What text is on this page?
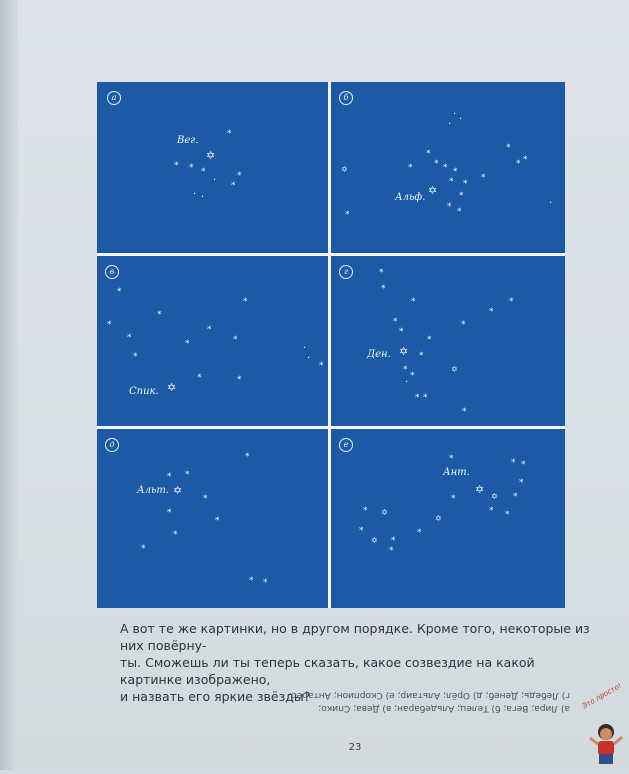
а
Вег.
✡
*
* * *	*
*
·
· ·
б
Альф.
✡
✡
*
*
*
*
* * *
* *
*
*
* *
*
*
·
· ·
·
в
Спик. ✡
*
*
*
*
*
*
*
*
*
*
*
*
·
·
г
Ден. ✡
✡
*
*
*
*
*
*
*
*
*
* *
*
*
*
*
·
д
Альт. ✡
* *
*
*
*
*
*
*
* *
е
Ант.
✡
✡
✡
✡
✡
* *
*
*
*
*
*
*
*
*
*
*
*
А вот те же картинки, но в другом порядке. Кроме того, некоторые из них повёрну-
ты. Сможешь ли ты теперь сказать, какое созвездие на какой картинке изображено,
и назвать его яркие звёзды?
а) Лира; Вега; б) Телец; Альдебаран; в) Дева; Спико;
г) Лебедь; Денеб; д) Орёл; Альтаир; е) Скорпион; Антарес.
23
Это просто!
